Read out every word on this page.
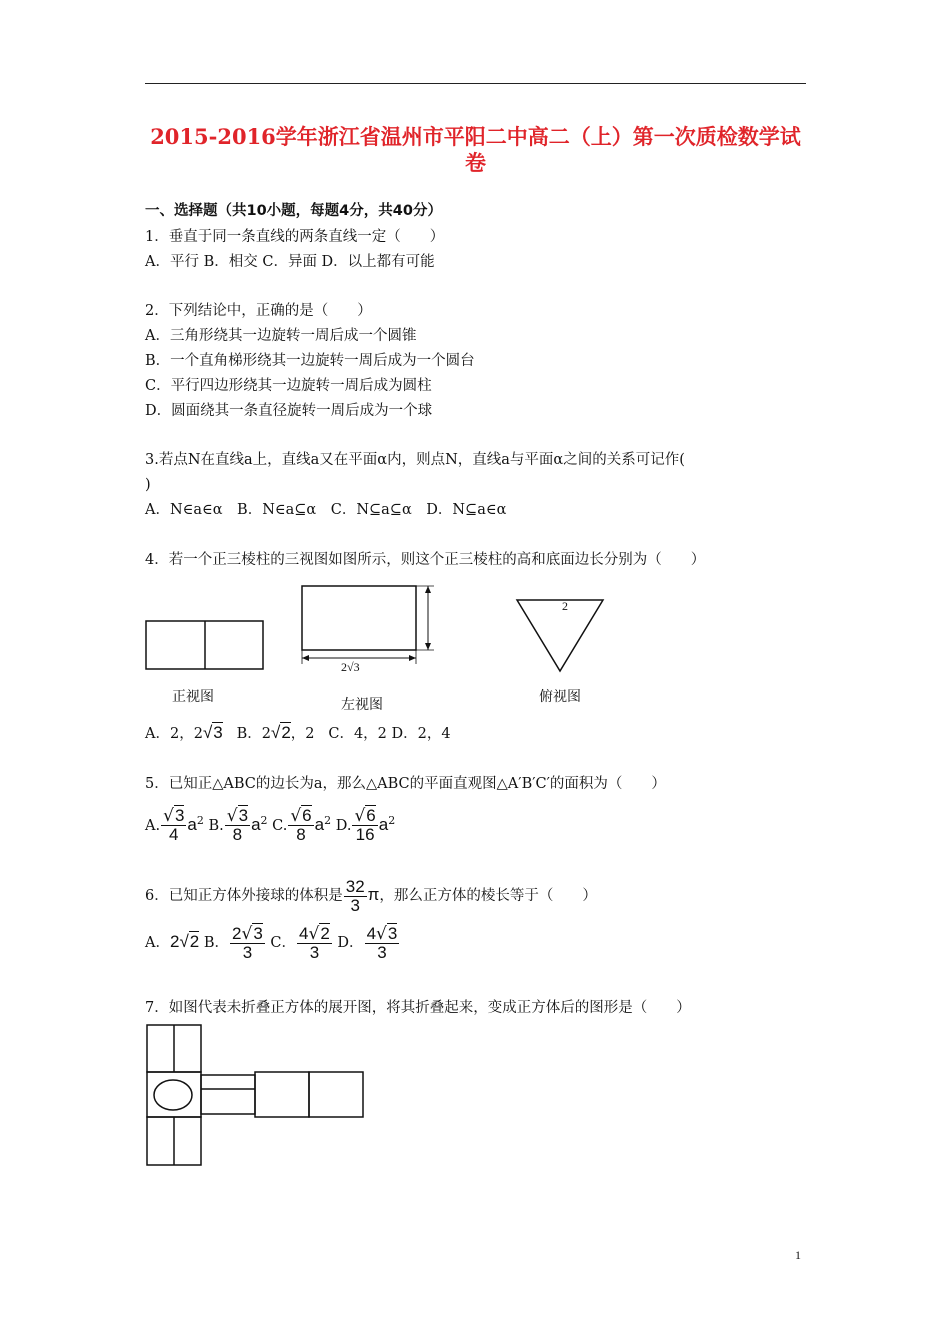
2015-2016学年浙江省温州市平阳二中高二（上）第一次质检数学试卷
一、选择题（共10小题，每题4分，共40分）
1．垂直于同一条直线的两条直线一定（　　）
A．平行 B．相交 C．异面 D．以上都有可能
2．下列结论中，正确的是（　　）
A．三角形绕其一边旋转一周后成一个圆锥
B．一个直角梯形绕其一边旋转一周后成为一个圆台
C．平行四边形绕其一边旋转一周后成为圆柱
D．圆面绕其一条直径旋转一周后成为一个球
3.若点N在直线a上，直线a又在平面α内，则点N，直线a与平面α之间的关系可记作(
)
A．N∈a∈α　B．N∈a⊆α　C．N⊆a⊆α　D．N⊆a∈α
4．若一个正三棱柱的三视图如图所示，则这个正三棱柱的高和底面边长分别为（　　）
2
2√3
正视图	左视图	俯视图
A．2，2√3 B．2√2，2 C．4，2 D．2，4
5．已知正△ABC的边长为a，那么△ABC的平面直观图△A′B′C′的面积为（　　）
A. $\frac{√3}{4} a^2$ B. $\frac{√3}{8} a^2$ C. $\frac{√6}{8} a^2$ D. $\frac{√6}{16} a^2$
6．已知正方体外接球的体积是 $\frac{32}{3}$ π，那么正方体的棱长等于（　　）
A．2√2 B． $\frac{2√3}{3}$ C． $\frac{4√2}{3}$ D． $\frac{4√3}{3}$
7．如图代表未折叠正方体的展开图，将其折叠起来，变成正方体后的图形是（　　）
1
